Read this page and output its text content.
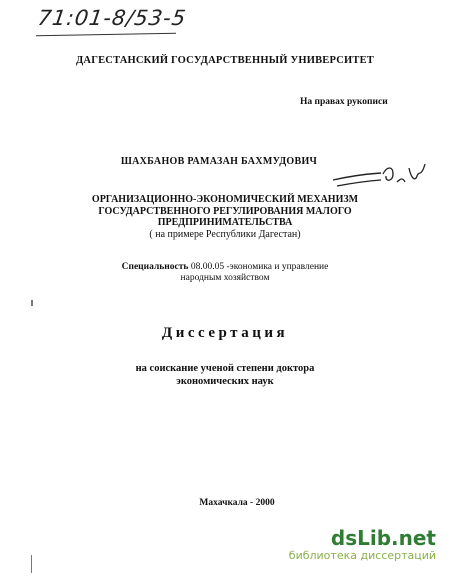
71:01-8/53-5
ДАГЕСТАНСКИЙ ГОСУДАРСТВЕННЫЙ УНИВЕРСИТЕТ
На правах рукописи
ШАХБАНОВ РАМАЗАН БАХМУДОВИЧ
ОРГАНИЗАЦИОННО-ЭКОНОМИЧЕСКИЙ МЕХАНИЗМ
ГОСУДАРСТВЕННОГО РЕГУЛИРОВАНИЯ МАЛОГО
ПРЕДПРИНИМАТЕЛЬСТВА
( на примере Республики Дагестан)
Специальность 08.00.05 -экономика и управление
народным хозяйством
Диссертация
на соискание ученой степени доктора
экономических наук
Махачкала - 2000
dsLib.net
библиотека диссертаций
